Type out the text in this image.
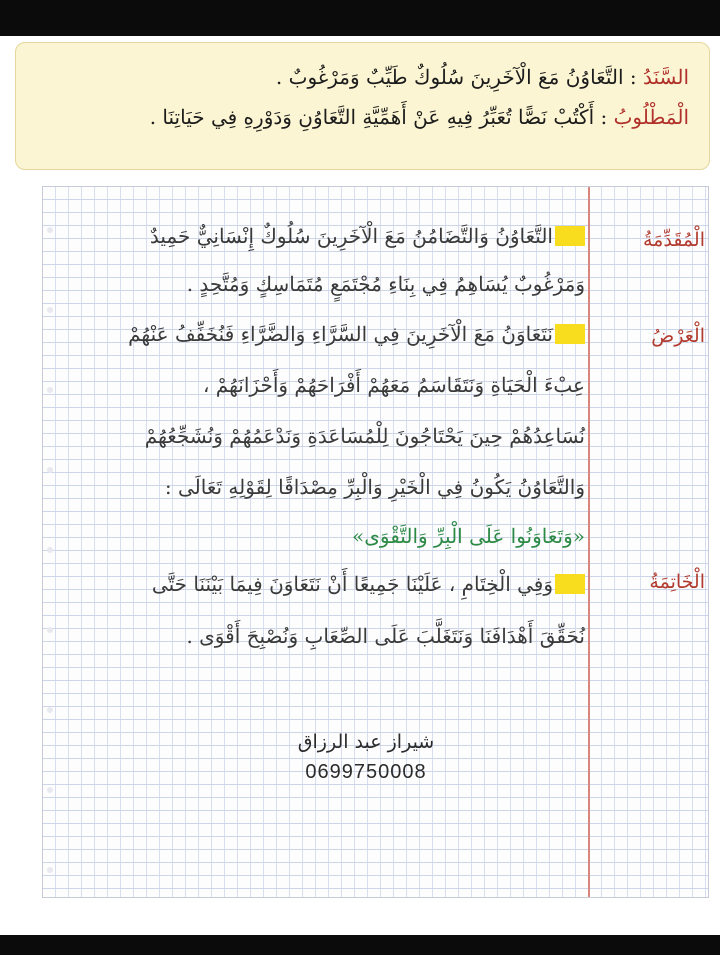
السَّنَدُ : التَّعَاوُنُ مَعَ الْآخَرِينَ سُلُوكٌ طَيِّبٌ وَمَرْغُوبٌ .
الْمَطْلُوبُ : أَكْتُبْ نَصًّا تُعَبِّرُ فِيهِ عَنْ أَهَمِّيَّةِ التَّعَاوُنِ وَدَوْرِهِ فِي حَيَاتِنَا .
الْمُقَدِّمَةُ
الْعَرْضُ
الْخَاتِمَةُ
التَّعَاوُنُ وَالتَّضَامُنُ مَعَ الْآخَرِينَ سُلُوكٌ إِنْسَانِيٌّ حَمِيدٌ
وَمَرْغُوبٌ يُسَاهِمُ فِي بِنَاءِ مُجْتَمَعٍ مُتَمَاسِكٍ وَمُتَّحِدٍ .
نَتَعَاوَنُ مَعَ الْآخَرِينَ فِي السَّرَّاءِ وَالضَّرَّاءِ فَنُخَفِّفُ عَنْهُمْ
عِبْءَ الْحَيَاةِ وَنَتَقَاسَمُ مَعَهُمْ أَفْرَاحَهُمْ وَأَحْزَانَهُمْ ،
نُسَاعِدُهُمْ حِينَ يَحْتَاجُونَ لِلْمُسَاعَدَةِ وَنَدْعَمُهُمْ وَنُشَجِّعُهُمْ
وَالتَّعَاوُنُ يَكُونُ فِي الْخَيْرِ وَالْبِرِّ مِصْدَاقًا لِقَوْلِهِ تَعَالَى :
«وَتَعَاوَنُوا عَلَى الْبِرِّ وَالتَّقْوَى»
وَفِي الْخِتَامِ ، عَلَيْنَا جَمِيعًا أَنْ نَتَعَاوَنَ فِيمَا بَيْنَنَا حَتَّى
نُحَقِّقَ أَهْدَافَنَا وَنَتَغَلَّبَ عَلَى الصِّعَابِ وَنُصْبِحَ أَقْوَى .
شيراز عبد الرزاق
0699750008
